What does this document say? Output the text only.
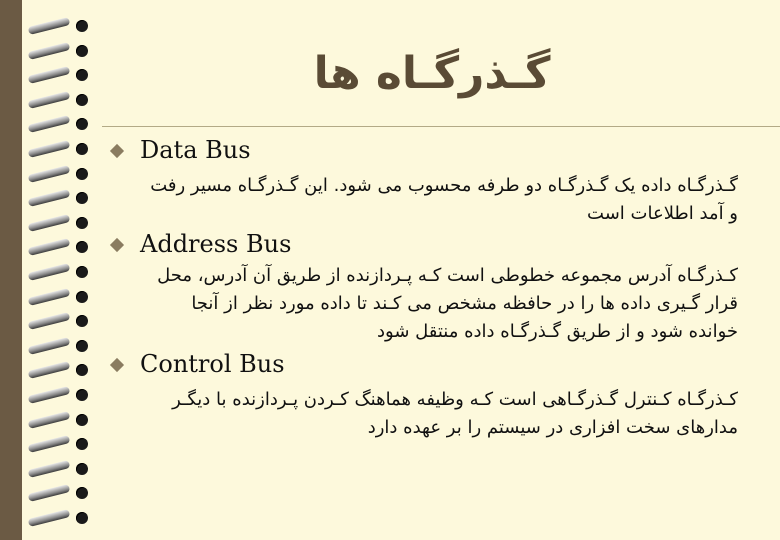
گـذرگـاه ها
Data Bus
گـذرگـاه داده یک گـذرگـاه دو طرفه محسوب می شود. این گـذرگـاه مسیر رفت
و آمد اطلاعات است
Address Bus
کـذرگـاه آدرس مجموعه خطوطی است کـه پـردازنده از طریق آن آدرس، محل
قرار گـیری داده ها را در حافظه مشخص می کـند تا داده مورد نظر از آنجا
خوانده شود و از طریق گـذرگـاه داده منتقل شود
Control Bus
کـذرگـاه کـنترل گـذرگـاهی است کـه وظیفه هماهنگ کـردن پـردازنده با دیگـر
مدارهای سخت افزاری در سیستم را بر عهده دارد
